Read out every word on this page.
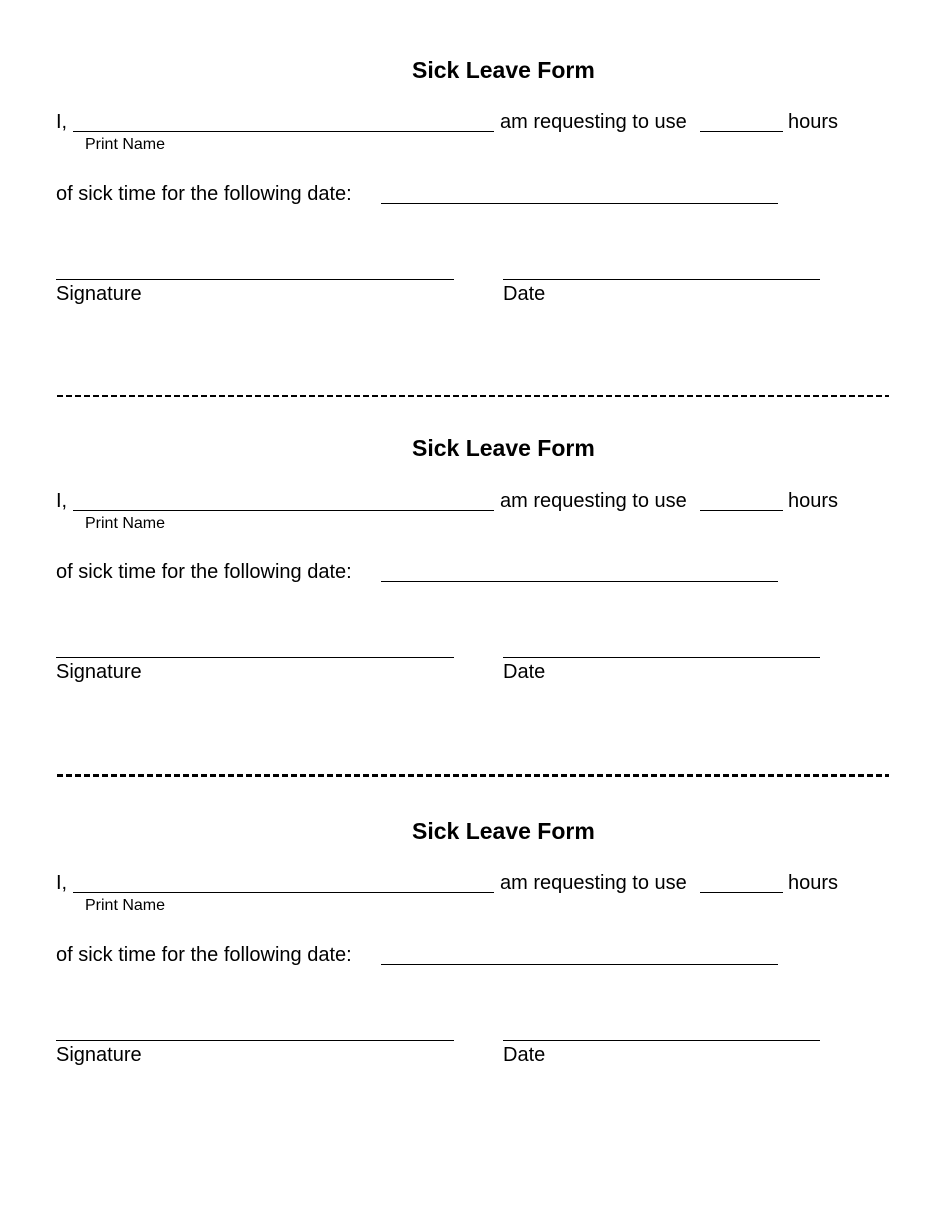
Sick Leave Form
I,	am requesting to use	hours
Print Name
of sick time for the following date:
Signature	Date
Sick Leave Form
I,	am requesting to use	hours
Print Name
of sick time for the following date:
Signature	Date
Sick Leave Form
I,	am requesting to use	hours
Print Name
of sick time for the following date:
Signature	Date
